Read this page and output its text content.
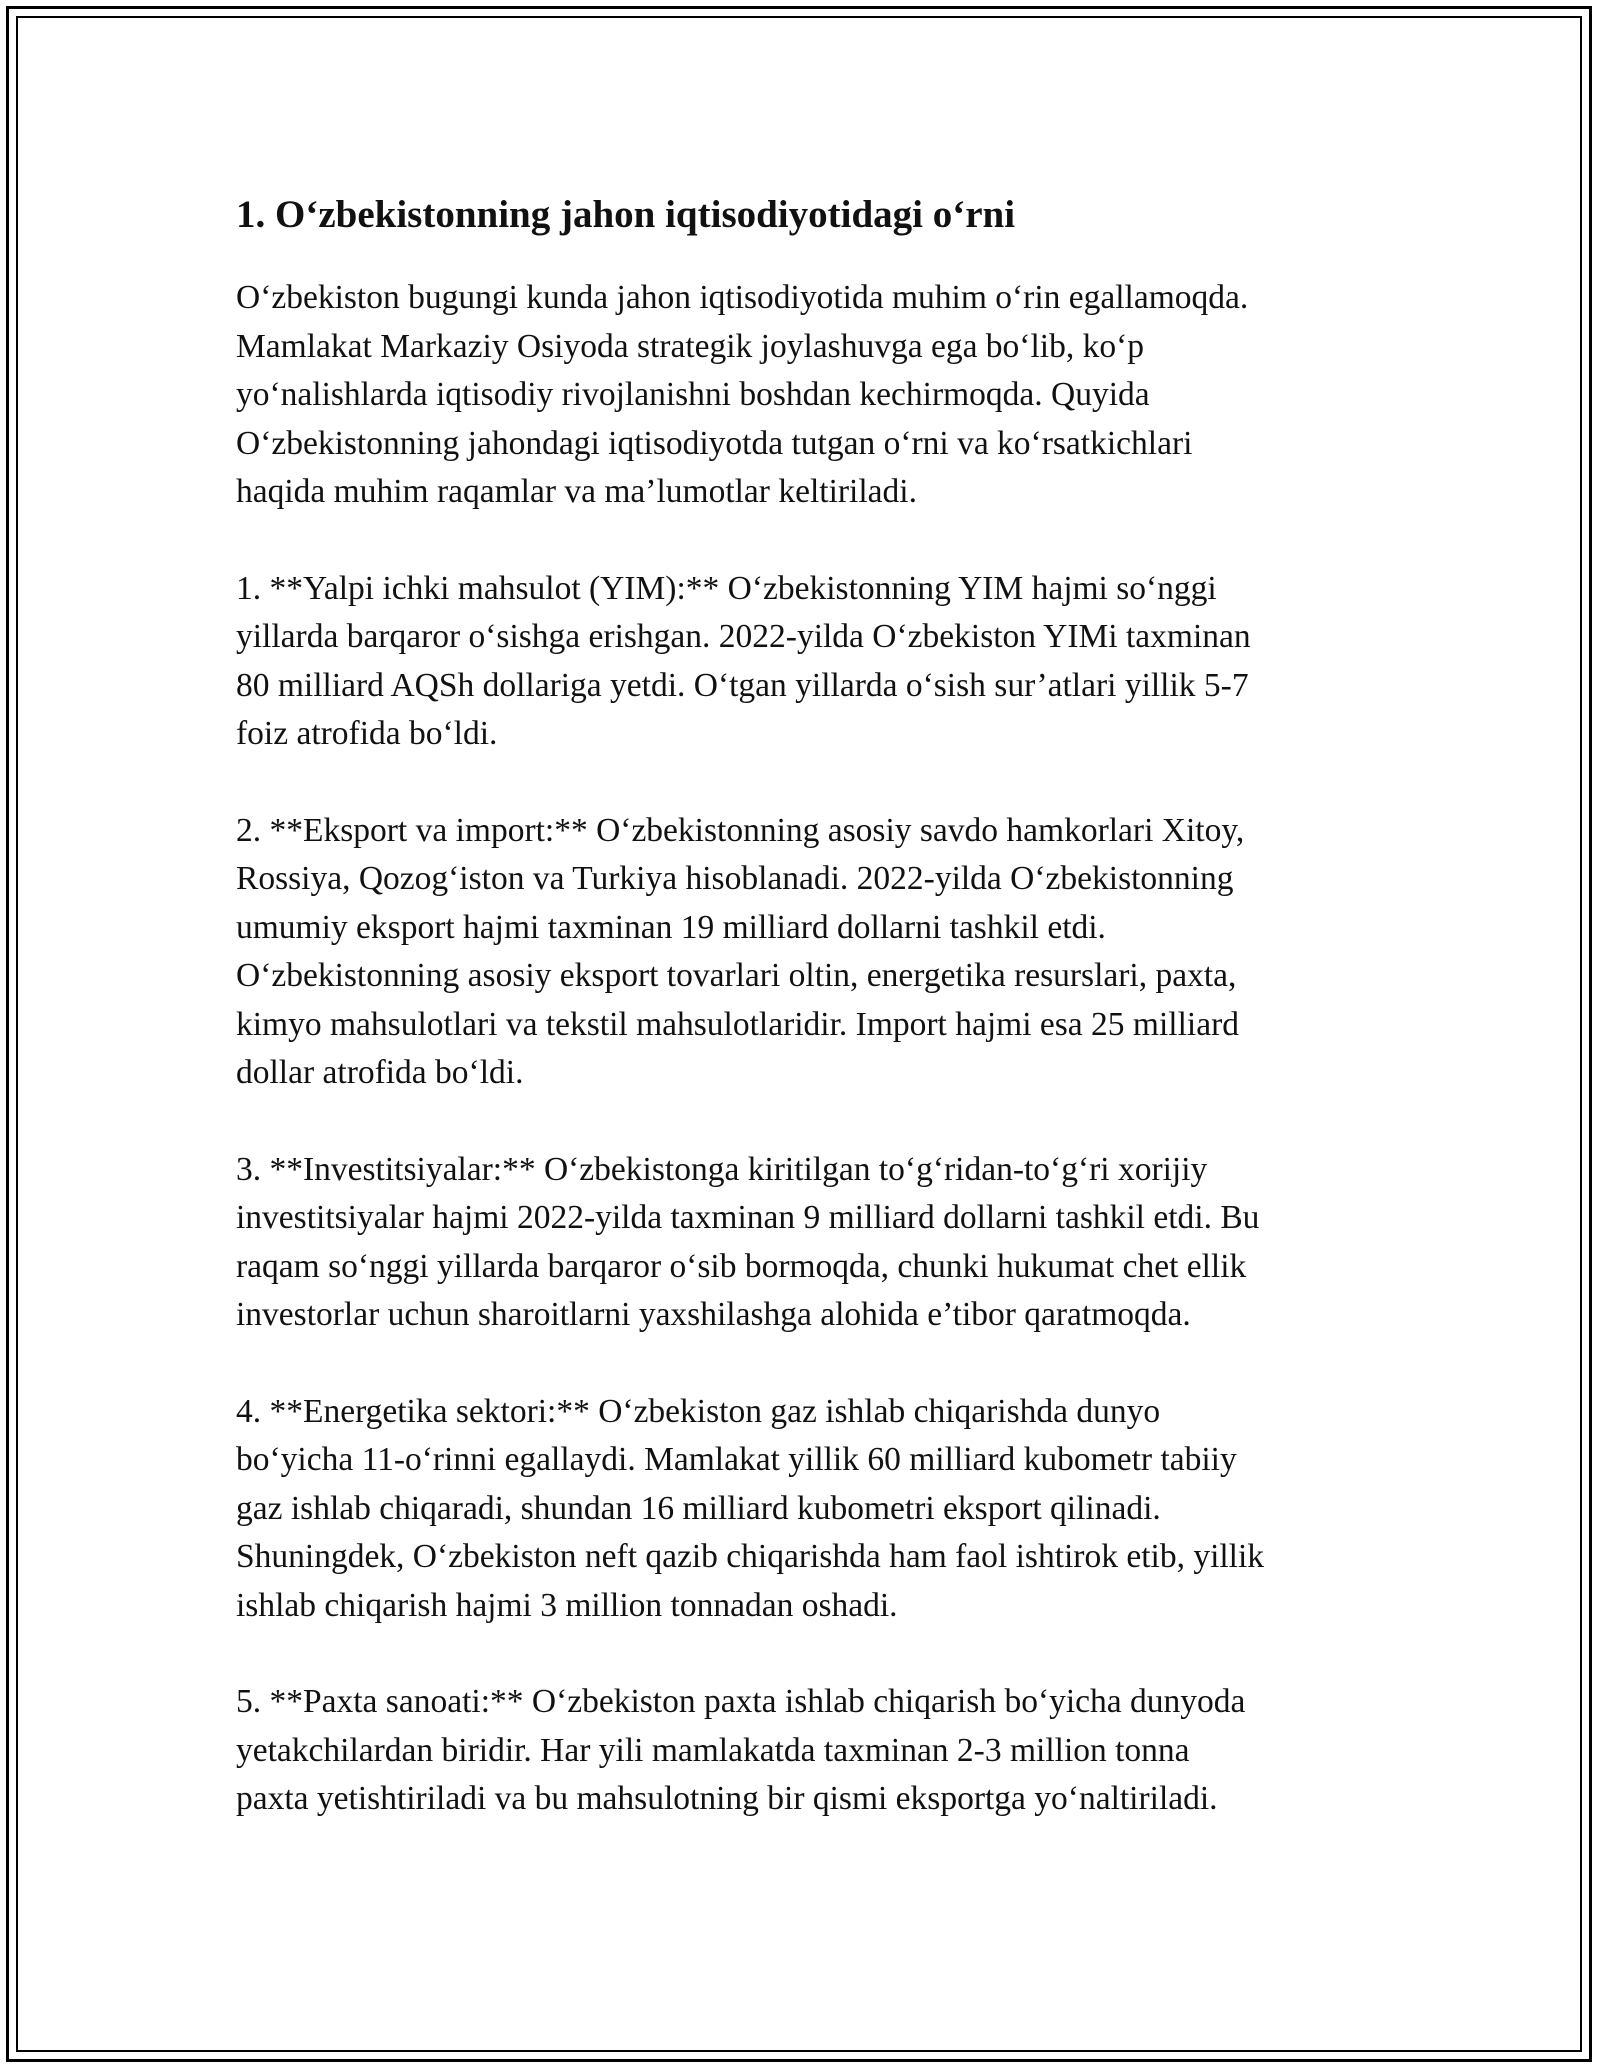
1. O‘zbekistonning jahon iqtisodiyotidagi o‘rni

O‘zbekiston bugungi kunda jahon iqtisodiyotida muhim o‘rin egallamoqda.
Mamlakat Markaziy Osiyoda strategik joylashuvga ega bo‘lib, ko‘p
yo‘nalishlarda iqtisodiy rivojlanishni boshdan kechirmoqda. Quyida
O‘zbekistonning jahondagi iqtisodiyotda tutgan o‘rni va ko‘rsatkichlari
haqida muhim raqamlar va ma’lumotlar keltiriladi.

1. **Yalpi ichki mahsulot (YIM):** O‘zbekistonning YIM hajmi so‘nggi
yillarda barqaror o‘sishga erishgan. 2022-yilda O‘zbekiston YIMi taxminan
80 milliard AQSh dollariga yetdi. O‘tgan yillarda o‘sish sur’atlari yillik 5-7
foiz atrofida bo‘ldi.

2. **Eksport va import:** O‘zbekistonning asosiy savdo hamkorlari Xitoy,
Rossiya, Qozog‘iston va Turkiya hisoblanadi. 2022-yilda O‘zbekistonning
umumiy eksport hajmi taxminan 19 milliard dollarni tashkil etdi.
O‘zbekistonning asosiy eksport tovarlari oltin, energetika resurslari, paxta,
kimyo mahsulotlari va tekstil mahsulotlaridir. Import hajmi esa 25 milliard
dollar atrofida bo‘ldi.

3. **Investitsiyalar:** O‘zbekistonga kiritilgan to‘g‘ridan-to‘g‘ri xorijiy
investitsiyalar hajmi 2022-yilda taxminan 9 milliard dollarni tashkil etdi. Bu
raqam so‘nggi yillarda barqaror o‘sib bormoqda, chunki hukumat chet ellik
investorlar uchun sharoitlarni yaxshilashga alohida e’tibor qaratmoqda.

4. **Energetika sektori:** O‘zbekiston gaz ishlab chiqarishda dunyo
bo‘yicha 11-o‘rinni egallaydi. Mamlakat yillik 60 milliard kubometr tabiiy
gaz ishlab chiqaradi, shundan 16 milliard kubometri eksport qilinadi.
Shuningdek, O‘zbekiston neft qazib chiqarishda ham faol ishtirok etib, yillik
ishlab chiqarish hajmi 3 million tonnadan oshadi.

5. **Paxta sanoati:** O‘zbekiston paxta ishlab chiqarish bo‘yicha dunyoda
yetakchilardan biridir. Har yili mamlakatda taxminan 2-3 million tonna
paxta yetishtiriladi va bu mahsulotning bir qismi eksportga yo‘naltiriladi.
